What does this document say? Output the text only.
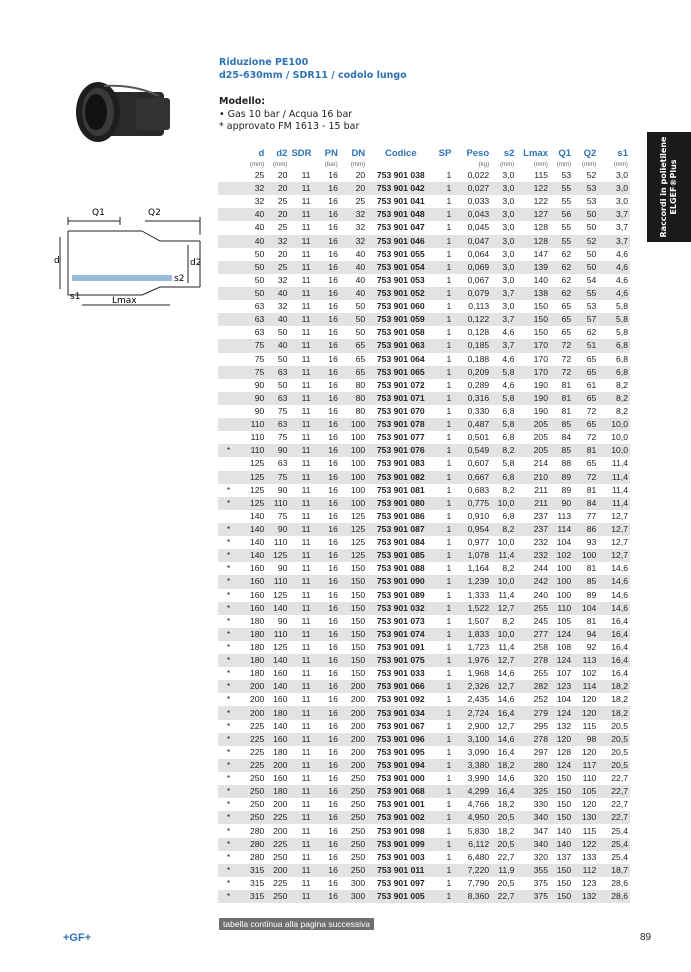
Riduzione PE100
d25-630mm / SDR11 / codolo lungo
Q1	Q2
d	d2
s1
s2
Lmax
Modello:
• Gas 10 bar / Acqua 16 bar
* approvato FM 1613 - 15 bar
Raccordi in polietilene ELGEF®Plus
	d	d2	SDR	PN	DN	Codice	SP	Peso	s2	Lmax	Q1	Q2	s1
	(mm)	(mm)		(bar)	(mm)			(kg)	(mm)	(mm)	(mm)	(mm)	(mm)
	25	20	11	16	20	753 901 038	1	0,022	3,0	115	53	52	3,0
	32	20	11	16	20	753 901 042	1	0,027	3,0	122	55	53	3,0
	32	25	11	16	25	753 901 041	1	0,033	3,0	122	55	53	3,0
	40	20	11	16	32	753 901 048	1	0,043	3,0	127	56	50	3,7
	40	25	11	16	32	753 901 047	1	0,045	3,0	128	55	50	3,7
	40	32	11	16	32	753 901 046	1	0,047	3,0	128	55	52	3,7
	50	20	11	16	40	753 901 055	1	0,064	3,0	147	62	50	4,6
	50	25	11	16	40	753 901 054	1	0,069	3,0	139	62	50	4,6
	50	32	11	16	40	753 901 053	1	0,067	3,0	140	62	54	4,6
	50	40	11	16	40	753 901 052	1	0,079	3,7	138	62	55	4,6
	63	32	11	16	50	753 901 060	1	0,113	3,0	150	65	53	5,8
	63	40	11	16	50	753 901 059	1	0,122	3,7	150	65	57	5,8
	63	50	11	16	50	753 901 058	1	0,128	4,6	150	65	62	5,8
	75	40	11	16	65	753 901 063	1	0,185	3,7	170	72	51	6,8
	75	50	11	16	65	753 901 064	1	0,188	4,6	170	72	65	6,8
	75	63	11	16	65	753 901 065	1	0,209	5,8	170	72	65	6,8
	90	50	11	16	80	753 901 072	1	0,289	4,6	190	81	61	8,2
	90	63	11	16	80	753 901 071	1	0,316	5,8	190	81	65	8,2
	90	75	11	16	80	753 901 070	1	0,330	6,8	190	81	72	8,2
	110	63	11	16	100	753 901 078	1	0,487	5,8	205	85	65	10,0
	110	75	11	16	100	753 901 077	1	0,501	6,8	205	84	72	10,0
*	110	90	11	16	100	753 901 076	1	0,549	8,2	205	85	81	10,0
	125	63	11	16	100	753 901 083	1	0,607	5,8	214	88	65	11,4
	125	75	11	16	100	753 901 082	1	0,667	6,8	210	89	72	11,4
*	125	90	11	16	100	753 901 081	1	0,683	8,2	211	89	81	11,4
*	125	110	11	16	100	753 901 080	1	0,775	10,0	211	90	84	11,4
	140	75	11	16	125	753 901 086	1	0,910	6,8	237	113	77	12,7
*	140	90	11	16	125	753 901 087	1	0,954	8,2	237	114	86	12,7
*	140	110	11	16	125	753 901 084	1	0,977	10,0	232	104	93	12,7
*	140	125	11	16	125	753 901 085	1	1,078	11,4	232	102	100	12,7
*	160	90	11	16	150	753 901 088	1	1,164	8,2	244	100	81	14,6
*	160	110	11	16	150	753 901 090	1	1,239	10,0	242	100	85	14,6
*	160	125	11	16	150	753 901 089	1	1,333	11,4	240	100	89	14,6
*	160	140	11	16	150	753 901 032	1	1,522	12,7	255	110	104	14,6
*	180	90	11	16	150	753 901 073	1	1,507	8,2	245	105	81	16,4
*	180	110	11	16	150	753 901 074	1	1,833	10,0	277	124	94	16,4
*	180	125	11	16	150	753 901 091	1	1,723	11,4	258	108	92	16,4
*	180	140	11	16	150	753 901 075	1	1,976	12,7	278	124	113	16,4
*	180	160	11	16	150	753 901 033	1	1,968	14,6	255	107	102	16,4
*	200	140	11	16	200	753 901 066	1	2,326	12,7	282	123	114	18,2
*	200	160	11	16	200	753 901 092	1	2,435	14,6	252	104	120	18,2
*	200	180	11	16	200	753 901 034	1	2,724	16,4	279	124	120	18,2
*	225	140	11	16	200	753 901 067	1	2,900	12,7	295	132	115	20,5
*	225	160	11	16	200	753 901 096	1	3,100	14,6	278	120	98	20,5
*	225	180	11	16	200	753 901 095	1	3,090	16,4	297	128	120	20,5
*	225	200	11	16	200	753 901 094	1	3,380	18,2	280	124	117	20,5
*	250	160	11	16	250	753 901 000	1	3,990	14,6	320	150	110	22,7
*	250	180	11	16	250	753 901 068	1	4,299	16,4	325	150	105	22,7
*	250	200	11	16	250	753 901 001	1	4,766	18,2	330	150	120	22,7
*	250	225	11	16	250	753 901 002	1	4,950	20,5	340	150	130	22,7
*	280	200	11	16	250	753 901 098	1	5,830	18,2	347	140	115	25,4
*	280	225	11	16	250	753 901 099	1	6,112	20,5	340	140	122	25,4
*	280	250	11	16	250	753 901 003	1	6,480	22,7	320	137	133	25,4
*	315	200	11	16	250	753 901 011	1	7,220	11,9	355	150	112	18,7
*	315	225	11	16	300	753 901 097	1	7,790	20,5	375	150	123	28,6
*	315	250	11	16	300	753 901 005	1	8,360	22,7	375	150	132	28,6
tabella continua alla pagina successiva
+GF+	89
